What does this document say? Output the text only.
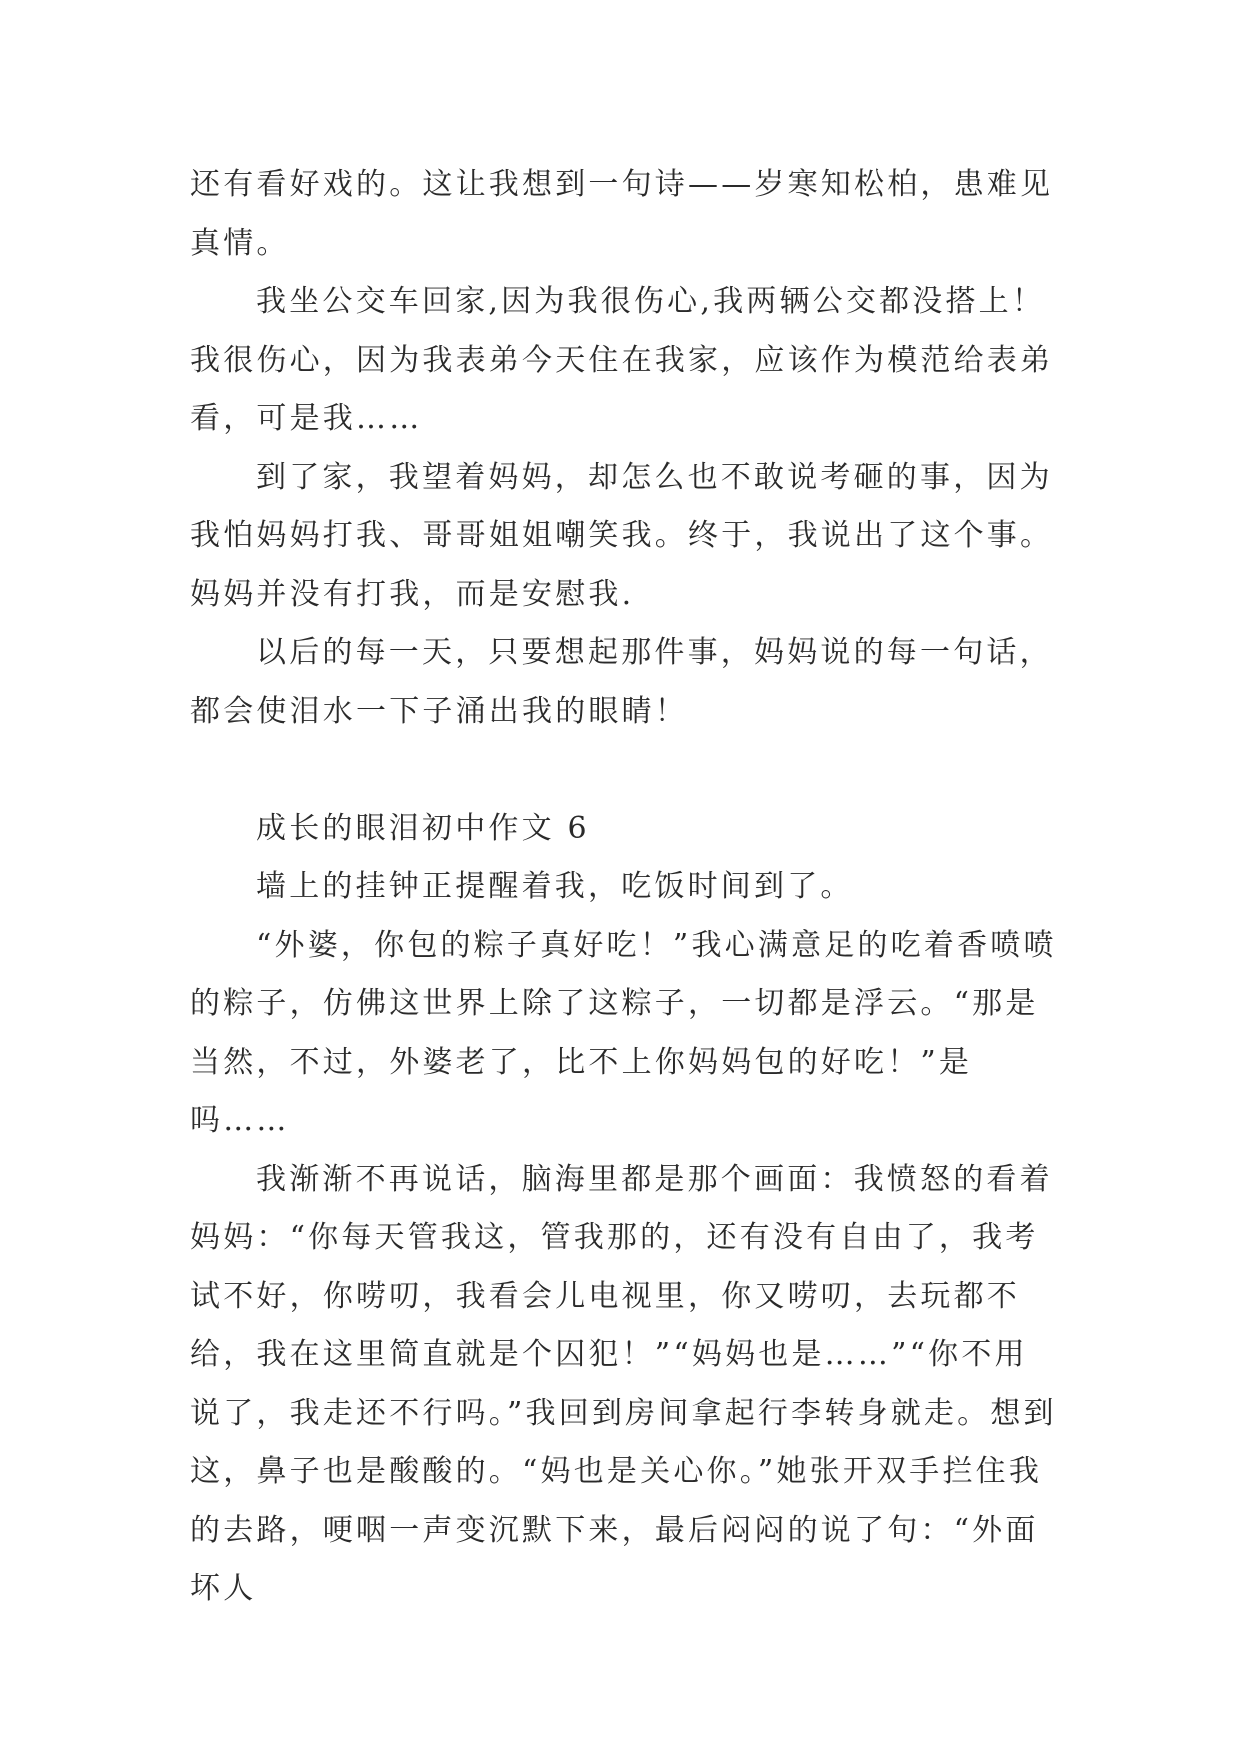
还有看好戏的。这让我想到一句诗——岁寒知松柏，患难见真情。

我坐公交车回家,因为我很伤心,我两辆公交都没搭上！我很伤心，因为我表弟今天住在我家，应该作为模范给表弟看，可是我……

到了家，我望着妈妈，却怎么也不敢说考砸的事，因为我怕妈妈打我、哥哥姐姐嘲笑我。终于，我说出了这个事。妈妈并没有打我，而是安慰我.

以后的每一天，只要想起那件事，妈妈说的每一句话，都会使泪水一下子涌出我的眼睛！

成长的眼泪初中作文 6

墙上的挂钟正提醒着我，吃饭时间到了。

“外婆，你包的粽子真好吃！”我心满意足的吃着香喷喷的粽子，仿佛这世界上除了这粽子，一切都是浮云。“那是当然，不过，外婆老了，比不上你妈妈包的好吃！”是吗……

我渐渐不再说话，脑海里都是那个画面：我愤怒的看着妈妈：“你每天管我这，管我那的，还有没有自由了，我考试不好，你唠叨，我看会儿电视里，你又唠叨，去玩都不给，我在这里简直就是个囚犯！”“妈妈也是……”“你不用说了，我走还不行吗。”我回到房间拿起行李转身就走。想到这，鼻子也是酸酸的。“妈也是关心你。”她张开双手拦住我的去路，哽咽一声变沉默下来，最后闷闷的说了句：“外面坏人
